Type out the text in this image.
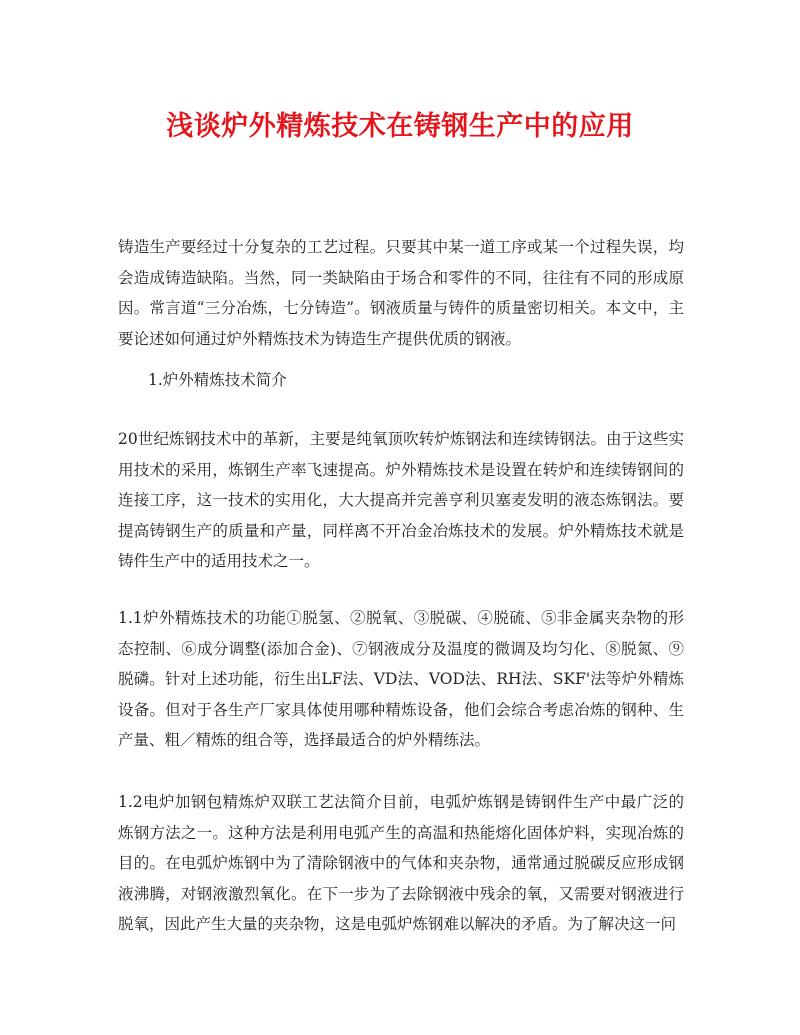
浅谈炉外精炼技术在铸钢生产中的应用

铸造生产要经过十分复杂的工艺过程。只要其中某一道工序或某一个过程失误，均会造成铸造缺陷。当然，同一类缺陷由于场合和零件的不同，往往有不同的形成原因。常言道“三分冶炼，七分铸造”。钢液质量与铸件的质量密切相关。本文中，主要论述如何通过炉外精炼技术为铸造生产提供优质的钢液。

1.炉外精炼技术简介

20世纪炼钢技术中的革新，主要是纯氧顶吹转炉炼钢法和连续铸钢法。由于这些实用技术的采用，炼钢生产率飞速提高。炉外精炼技术是设置在转炉和连续铸钢间的连接工序，这一技术的实用化，大大提高并完善亨利贝塞麦发明的液态炼钢法。要提高铸钢生产的质量和产量，同样离不开冶金冶炼技术的发展。炉外精炼技术就是铸件生产中的适用技术之一。

1.1炉外精炼技术的功能①脱氢、②脱氧、③脱碳、④脱硫、⑤非金属夹杂物的形态控制、⑥成分调整(添加合金)、⑦钢液成分及温度的微调及均匀化、⑧脱氮、⑨脱磷。针对上述功能，衍生出LF法、VD法、VOD法、RH法、SKF'法等炉外精炼设备。但对于各生产厂家具体使用哪种精炼设备，他们会综合考虑冶炼的钢种、生产量、粗／精炼的组合等，选择最适合的炉外精练法。

1.2电炉加钢包精炼炉双联工艺法简介目前，电弧炉炼钢是铸钢件生产中最广泛的炼钢方法之一。这种方法是利用电弧产生的高温和热能熔化固体炉料，实现冶炼的目的。在电弧炉炼钢中为了清除钢液中的气体和夹杂物，通常通过脱碳反应形成钢液沸腾，对钢液激烈氧化。在下一步为了去除钢液中残余的氧，又需要对钢液进行脱氧，因此产生大量的夹杂物，这是电弧炉炼钢难以解决的矛盾。为了解决这一问
